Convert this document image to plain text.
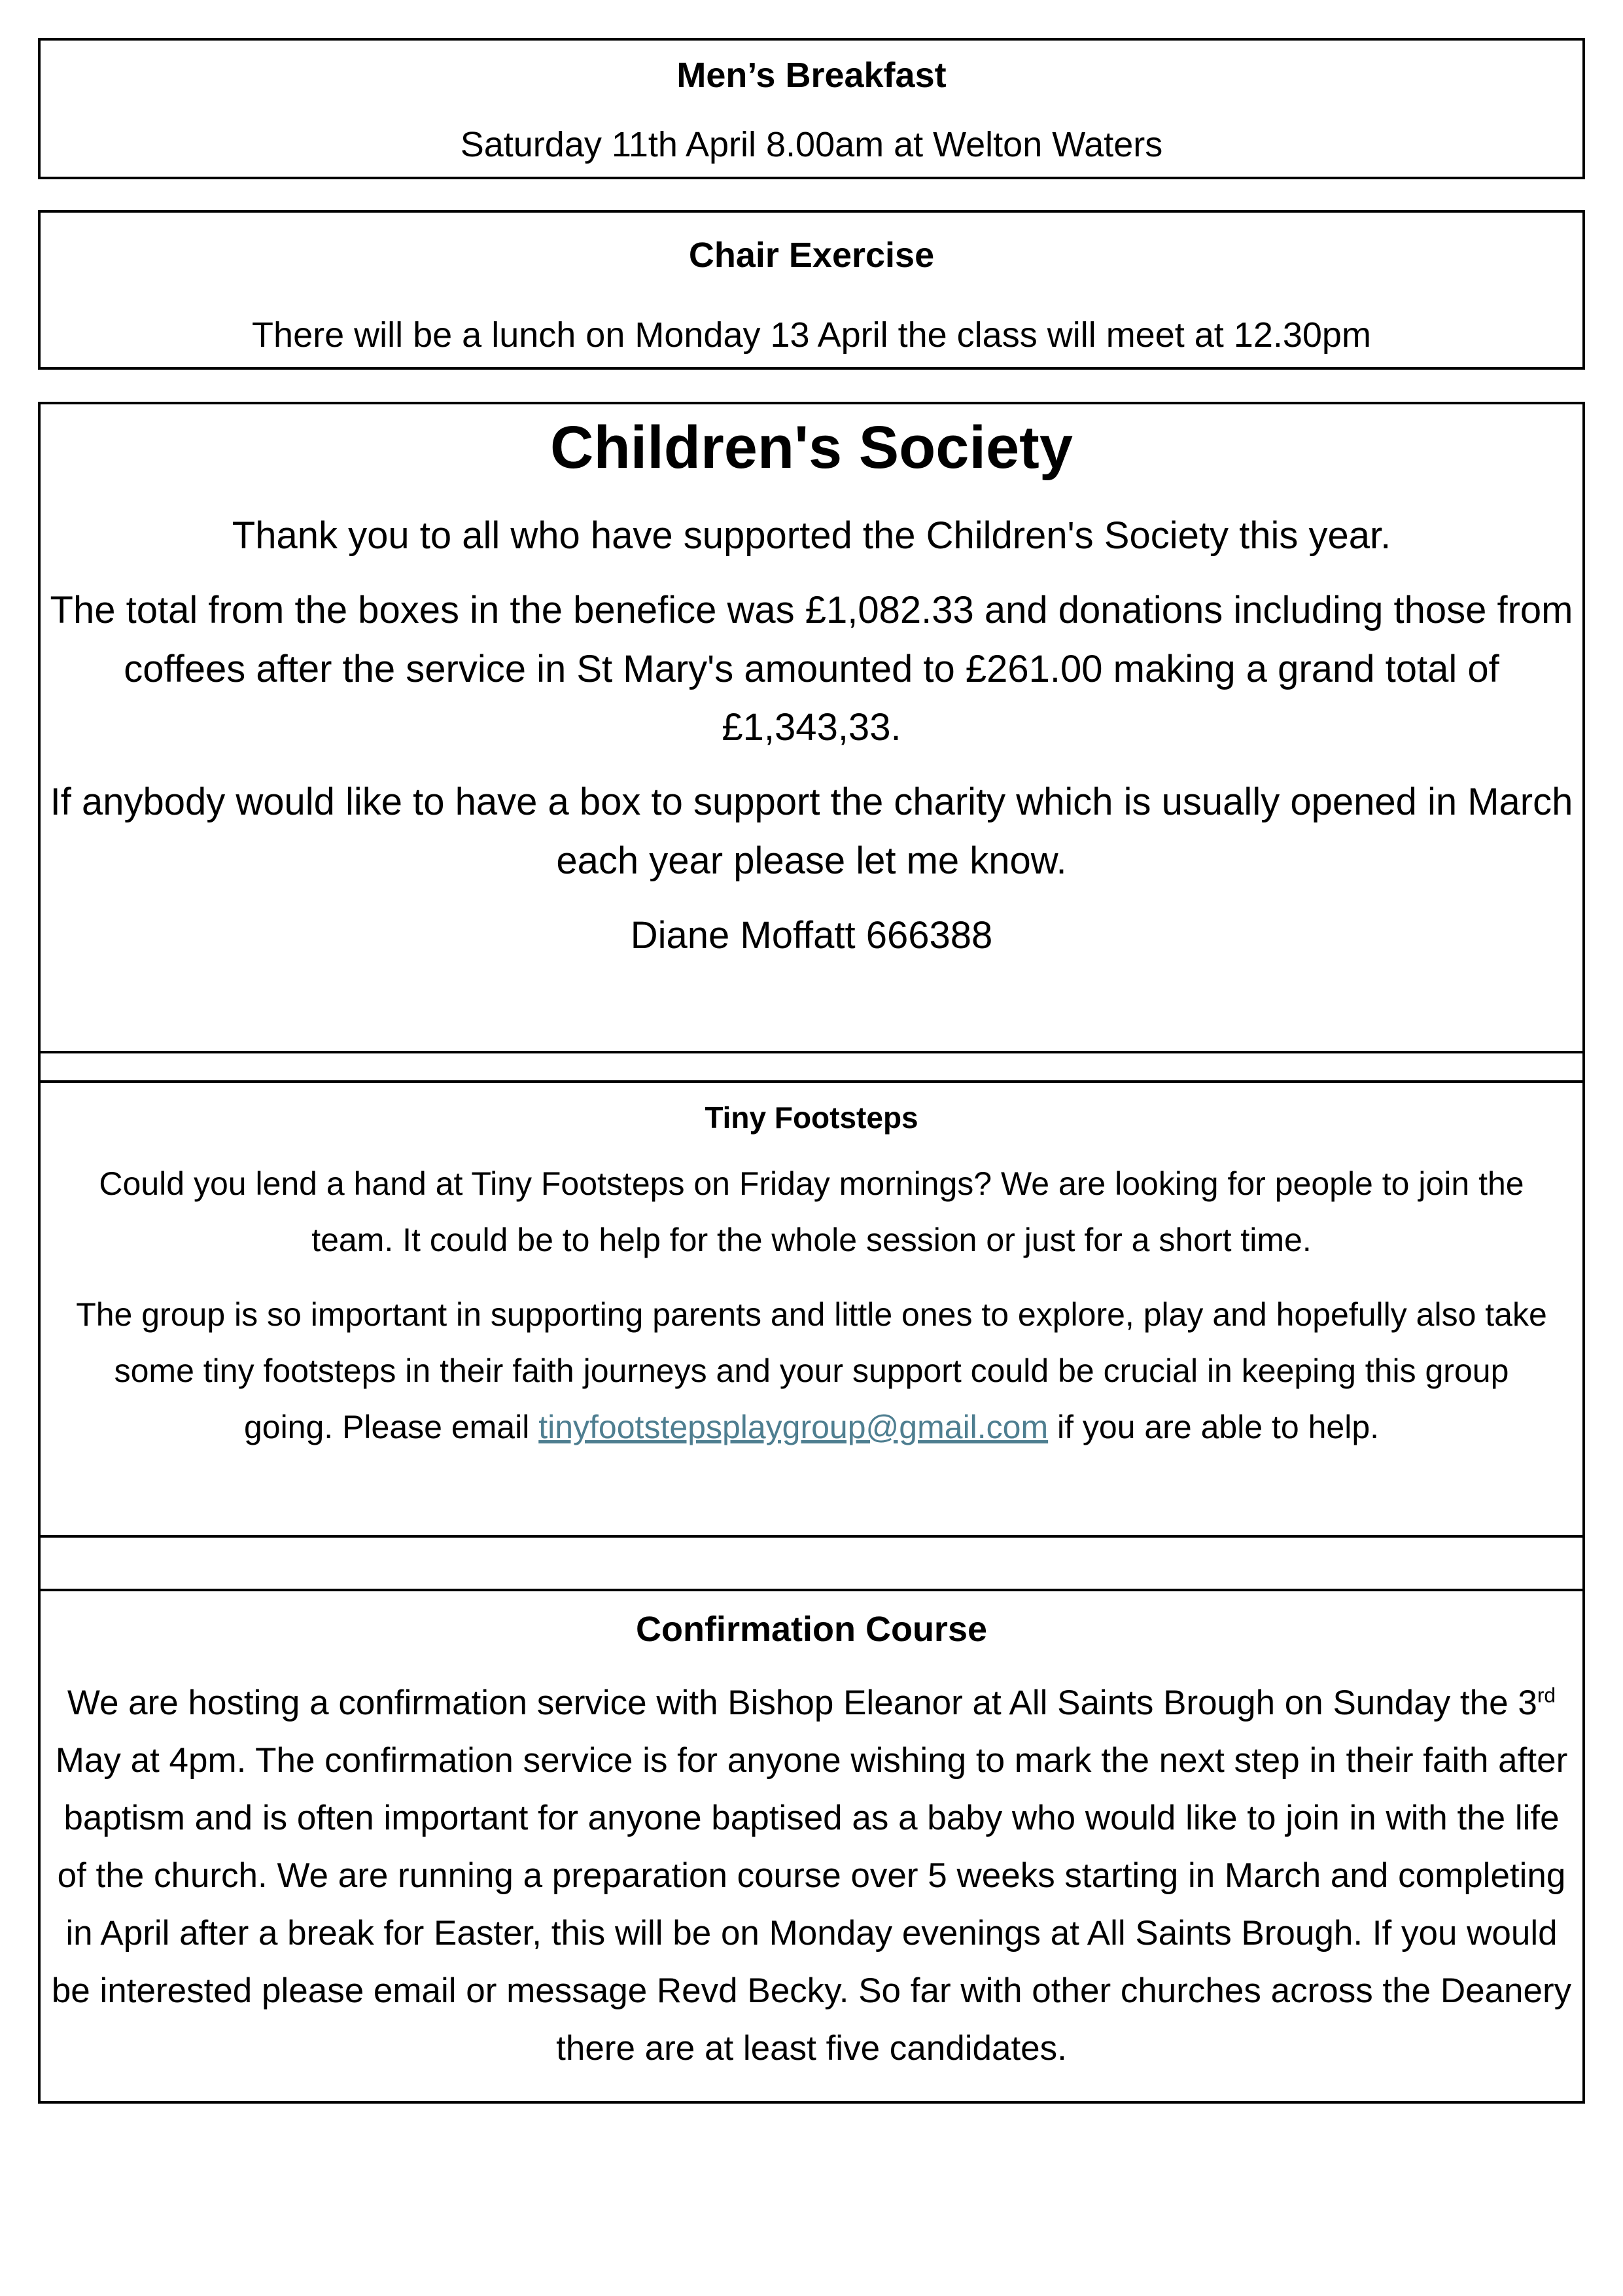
Men’s Breakfast

Saturday 11th April 8.00am at Welton Waters

Chair Exercise

There will be a lunch on Monday 13 April the class will meet at 12.30pm

Children's Society

Thank you to all who have supported the Children's Society this year.

The total from the boxes in the benefice was £1,082.33 and donations including those from coffees after the service in St Mary's amounted to £261.00 making a grand total of £1,343,33.

If anybody would like to have a box to support the charity which is usually opened in March each year please let me know.

Diane Moffatt 666388

Tiny Footsteps

Could you lend a hand at Tiny Footsteps on Friday mornings? We are looking for people to join the team. It could be to help for the whole session or just for a short time.

The group is so important in supporting parents and little ones to explore, play and hopefully also take some tiny footsteps in their faith journeys and your support could be crucial in keeping this group going. Please email tinyfootstepsplaygroup@gmail.com if you are able to help.

Confirmation Course

We are hosting a confirmation service with Bishop Eleanor at All Saints Brough on Sunday the 3rd May at 4pm. The confirmation service is for anyone wishing to mark the next step in their faith after baptism and is often important for anyone baptised as a baby who would like to join in with the life of the church. We are running a preparation course over 5 weeks starting in March and completing in April after a break for Easter, this will be on Monday evenings at All Saints Brough. If you would be interested please email or message Revd Becky. So far with other churches across the Deanery there are at least five candidates.
